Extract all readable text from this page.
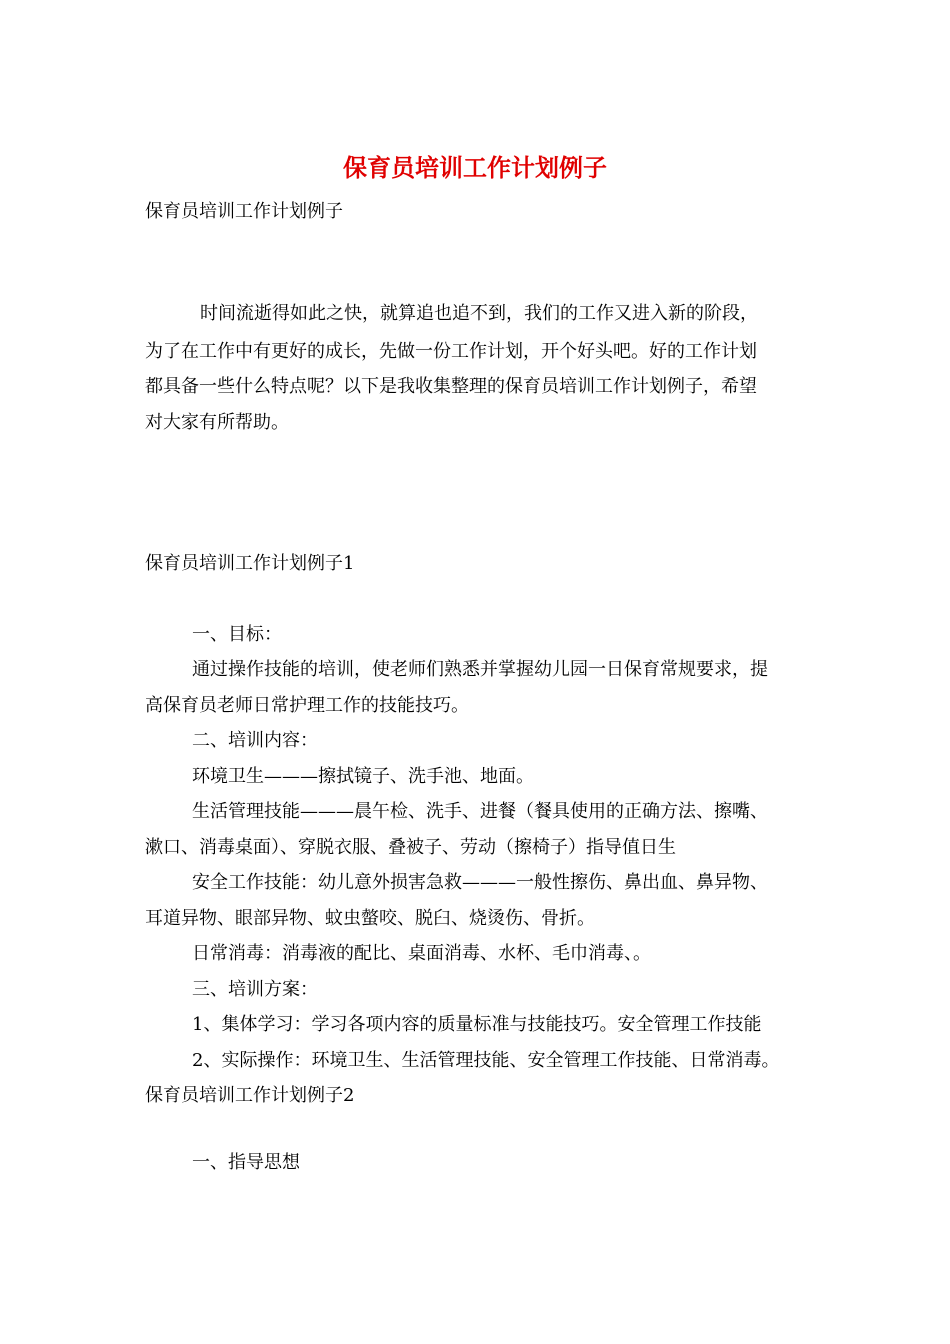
保育员培训工作计划例子
保育员培训工作计划例子
时间流逝得如此之快，就算追也追不到，我们的工作又进入新的阶段，
为了在工作中有更好的成长，先做一份工作计划，开个好头吧。好的工作计划
都具备一些什么特点呢？以下是我收集整理的保育员培训工作计划例子，希望
对大家有所帮助。
保育员培训工作计划例子1
一、目标：
通过操作技能的培训，使老师们熟悉并掌握幼儿园一日保育常规要求，提
高保育员老师日常护理工作的技能技巧。
二、培训内容：
环境卫生———擦拭镜子、洗手池、地面。
生活管理技能———晨午检、洗手、进餐（餐具使用的正确方法、擦嘴、
漱口、消毒桌面）、穿脱衣服、叠被子、劳动（擦椅子）指导值日生
安全工作技能：幼儿意外损害急救———一般性擦伤、鼻出血、鼻异物、
耳道异物、眼部异物、蚊虫螫咬、脱臼、烧烫伤、骨折。
日常消毒：消毒液的配比、桌面消毒、水杯、毛巾消毒、。
三、培训方案：
1、集体学习：学习各项内容的质量标准与技能技巧。安全管理工作技能
2、实际操作：环境卫生、生活管理技能、安全管理工作技能、日常消毒。
保育员培训工作计划例子2
一、指导思想
